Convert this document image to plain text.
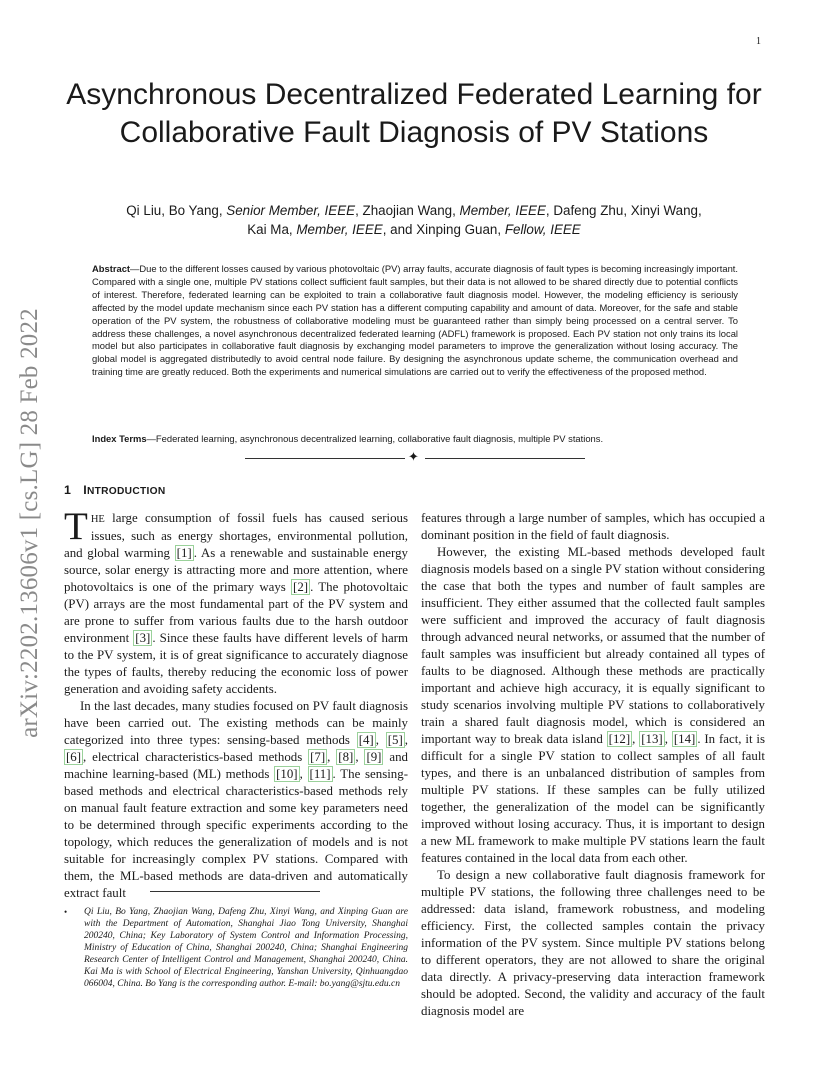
1
arXiv:2202.13606v1 [cs.LG] 28 Feb 2022
Asynchronous Decentralized Federated Learning for Collaborative Fault Diagnosis of PV Stations
Qi Liu, Bo Yang, Senior Member, IEEE, Zhaojian Wang, Member, IEEE, Dafeng Zhu, Xinyi Wang,
Kai Ma, Member, IEEE, and Xinping Guan, Fellow, IEEE

Abstract—Due to the different losses caused by various photovoltaic (PV) array faults, accurate diagnosis of fault types is becoming increasingly important. Compared with a single one, multiple PV stations collect sufficient fault samples, but their data is not allowed to be shared directly due to potential conflicts of interest. Therefore, federated learning can be exploited to train a collaborative fault diagnosis model. However, the modeling efficiency is seriously affected by the model update mechanism since each PV station has a different computing capability and amount of data. Moreover, for the safe and stable operation of the PV system, the robustness of collaborative modeling must be guaranteed rather than simply being processed on a central server. To address these challenges, a novel asynchronous decentralized federated learning (ADFL) framework is proposed. Each PV station not only trains its local model but also participates in collaborative fault diagnosis by exchanging model parameters to improve the generalization without losing accuracy. The global model is aggregated distributedly to avoid central node failure. By designing the asynchronous update scheme, the communication overhead and training time are greatly reduced. Both the experiments and numerical simulations are carried out to verify the effectiveness of the proposed method.

Index Terms—Federated learning, asynchronous decentralized learning, collaborative fault diagnosis, multiple PV stations.

✦
1 INTRODUCTION

THE large consumption of fossil fuels has caused serious issues, such as energy shortages, environmental pollution, and global warming [1] . As a renewable and sustainable energy source, solar energy is attracting more and more attention, where photovoltaics is one of the primary ways [2] . The photovoltaic (PV) arrays are the most fundamental part of the PV system and are prone to suffer from various faults due to the harsh outdoor environment [3] . Since these faults have different levels of harm to the PV system, it is of great significance to accurately diagnose the types of faults, thereby reducing the economic loss of power generation and avoiding safety accidents.

In the last decades, many studies focused on PV fault diagnosis have been carried out. The existing methods can be mainly categorized into three types: sensing-based methods [4] , [5] , [6] , electrical characteristics-based methods [7] , [8] , [9] and machine learning-based (ML) methods [10] , [11] . The sensing-based methods and electrical characteristics-based methods rely on manual fault feature extraction and some key parameters need to be determined through specific experiments according to the topology, which reduces the generalization of models and is not suitable for increasingly complex PV stations. Compared with them, the ML-based methods are data-driven and automatically extract fault

• Qi Liu, Bo Yang, Zhaojian Wang, Dafeng Zhu, Xinyi Wang, and Xinping Guan are with the Department of Automation, Shanghai Jiao Tong University, Shanghai 200240, China; Key Laboratory of System Control and Information Processing, Ministry of Education of China, Shanghai 200240, China; Shanghai Engineering Research Center of Intelligent Control and Management, Shanghai 200240, China. Kai Ma is with School of Electrical Engineering, Yanshan University, Qinhuangdao 066004, China. Bo Yang is the corresponding author. E-mail: bo.yang@sjtu.edu.cn

features through a large number of samples, which has occupied a dominant position in the field of fault diagnosis.

However, the existing ML-based methods developed fault diagnosis models based on a single PV station without considering the case that both the types and number of fault samples are insufficient. They either assumed that the collected fault samples were sufficient and improved the accuracy of fault diagnosis through advanced neural networks, or assumed that the number of fault samples was insufficient but already contained all types of faults to be diagnosed. Although these methods are practically important and achieve high accuracy, it is equally significant to study scenarios involving multiple PV stations to collaboratively train a shared fault diagnosis model, which is considered an important way to break data island [12] , [13] , [14] . In fact, it is difficult for a single PV station to collect samples of all fault types, and there is an unbalanced distribution of samples from multiple PV stations. If these samples can be fully utilized together, the generalization of the model can be significantly improved without losing accuracy. Thus, it is important to design a new ML framework to make multiple PV stations learn the fault features contained in the local data from each other.

To design a new collaborative fault diagnosis framework for multiple PV stations, the following three challenges need to be addressed: data island, framework robustness, and modeling efficiency. First, the collected samples contain the privacy information of the PV system. Since multiple PV stations belong to different operators, they are not allowed to share the original data directly. A privacy-preserving data interaction framework should be adopted. Second, the validity and accuracy of the fault diagnosis model are
